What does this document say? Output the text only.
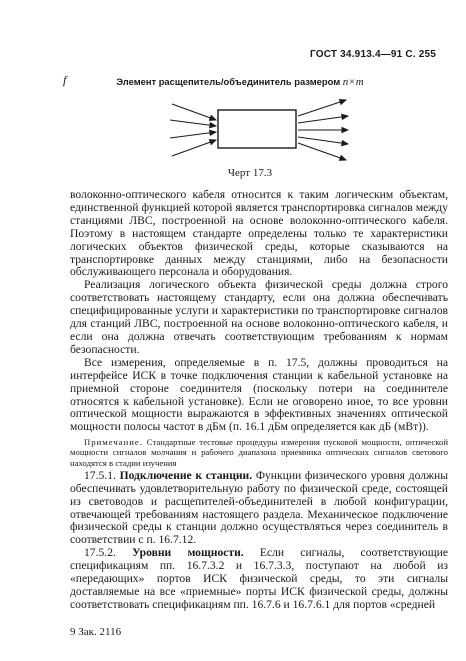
ГОСТ 34.913.4—91 С. 255
f	Элемент расщепитель/объединитель размером n×m
Черт 17.3

волоконно-оптического кабеля относится к таким логическим объектам, единственной функцией которой является транспортировка сигналов между станциями ЛВС, построенной на основе волоконно-оптического кабеля. Поэтому в настоящем стандарте определены только те характеристики логических объектов физической среды, которые сказываются на транспортировке данных между станциями, либо на безопасности обслуживающего персонала и оборудования.

Реализация логического объекта физической среды должна строго соответствовать настоящему стандарту, если она должна обеспечивать специфицированные услуги и характеристики по транспортировке сигналов для станций ЛВС, построенной на основе волоконно-оптического кабеля, и если она должна отвечать соответствующим требованиям к нормам безопасности.

Все измерения, определяемые в п. 17.5, должны проводиться на интерфейсе ИСК в точке подключения станции к кабельной установке на приемной стороне соединителя (поскольку потери на соединителе относятся к кабельной установке). Если не оговорено иное, то все уровни оптической мощности выражаются в эффективных значениях оптической мощности полосы частот в дБм (п. 16.1 дБм определяется как дБ (мВт)).

Примечание. Стандартные тестовые процедуры измерения пусковой мощности, оптической мощности сигналов молчания и рабочего диапазона приемника оптических сигналов светового находятся в стадии изучения

17.5.1. Подключение к станции. Функции физического уровня должны обеспечивать удовлетворительную работу по физической среде, состоящей из световодов и расщепителей-объединителей в любой конфигурации, отвечающей требованиям настоящего раздела. Механическое подключение физической среды к станции должно осуществляться через соединитель в соответствии с п. 16.7.12.

17.5.2. Уровни мощности. Если сигналы, соответствующие спецификациям пп. 16.7.3.2 и 16.7.3.3, поступают на любой из «передающих» портов ИСК физической среды, то эти сигналы доставляемые на все «приемные» порты ИСК физической среды, должны соответствовать спецификациям пп. 16.7.6 и 16.7.6.1 для портов «средней

9 Зак. 2116
